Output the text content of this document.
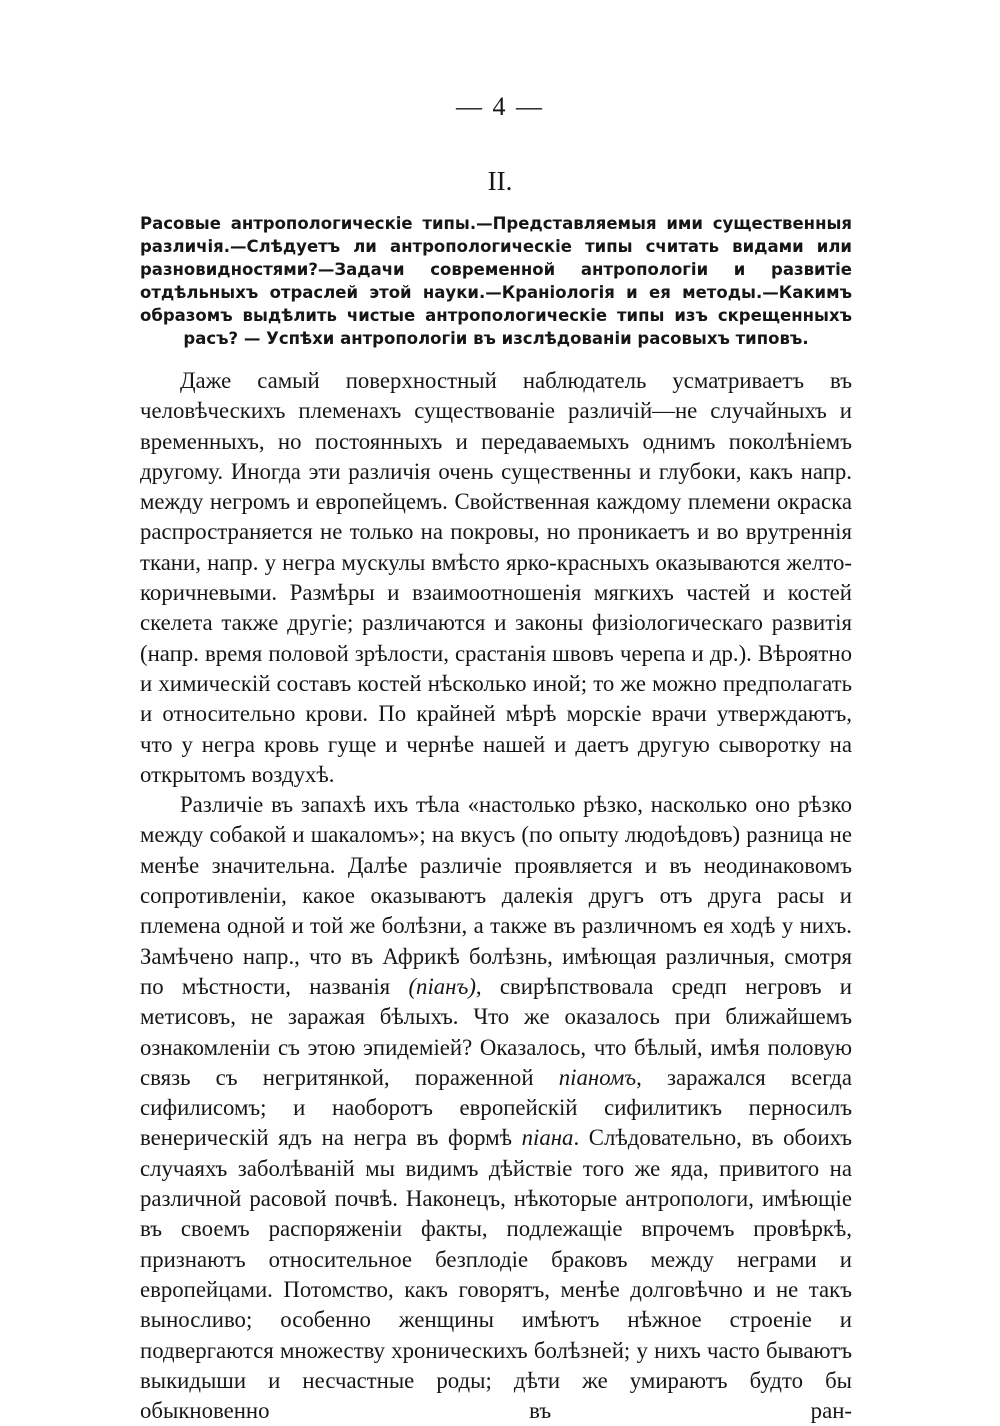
— 4 —
II.

Расовые антропологическіе типы.—Представляемыя ими существенныя различія.—Слѣдуетъ ли антропологическіе типы считать видами или разновидностями?—Задачи современной антропологіи и развитіе отдѣльныхъ отраслей этой науки.—Краніологія и ея методы.—Какимъ образомъ выдѣлить чистые антропологическіе типы изъ скрещенныхъ расъ? — Успѣхи антропологіи въ изслѣдованіи расовыхъ типовъ.

Даже самый поверхностный наблюдатель усматриваетъ въ человѣческихъ племенахъ существованіе различій—не случайныхъ и временныхъ, но постоянныхъ и передаваемыхъ однимъ поколѣніемъ другому. Иногда эти различія очень существенны и глубоки, какъ напр. между негромъ и европейцемъ. Свойственная каждому племени окраска распространяется не только на покровы, но проникаетъ и во врутреннія ткани, напр. у негра мускулы вмѣсто ярко-красныхъ оказываются желто-коричневыми. Размѣры и взаимоотношенія мягкихъ частей и костей скелета также другіе; различаются и законы физіологическаго развитія (напр. время половой зрѣлости, срастанія швовъ черепа и др.). Вѣроятно и химическій составъ костей нѣсколько иной; то же можно предполагать и относительно крови. По крайней мѣрѣ морскіе врачи утверждаютъ, что у негра кровь гуще и чернѣе нашей и даетъ другую сыворотку на открытомъ воздухѣ.

Различіе въ запахѣ ихъ тѣла «настолько рѣзко, насколько оно рѣзко между собакой и шакаломъ»; на вкусъ (по опыту людоѣдовъ) разница не менѣе значительна. Далѣе различіе проявляется и въ неодинаковомъ сопротивленіи, какое оказываютъ далекія другъ отъ друга расы и племена одной и той же болѣзни, а также въ различномъ ея ходѣ у нихъ. Замѣчено напр., что въ Африкѣ болѣзнь, имѣющая различныя, смотря по мѣстности, названія (піанъ), свирѣпствовала средп негровъ и метисовъ, не заражая бѣлыхъ. Что же оказалось при ближайшемъ ознакомленіи съ этою эпидеміей? Оказалось, что бѣлый, имѣя половую связь съ негритянкой, пораженной піаномъ, заражался всегда сифилисомъ; и наоборотъ европейскій сифилитикъ перносилъ венерическій ядъ на негра въ формѣ піана. Слѣдовательно, въ обоихъ случаяхъ заболѣваній мы видимъ дѣйствіе того же яда, привитого на различной расовой почвѣ. Наконецъ, нѣкоторые антропологи, имѣющіе въ своемъ распоряженіи факты, подлежащіе впрочемъ провѣркѣ, признаютъ относительное безплодіе браковъ между неграми и европейцами. Потомство, какъ говорятъ, менѣе долговѣчно и не такъ выносливо; особенно женщины имѣютъ нѣжное строеніе и подвергаются множеству хроническихъ болѣзней; у нихъ часто бываютъ выкидыши и несчастные роды; дѣти же умираютъ будто бы обыкновенно въ ран-
